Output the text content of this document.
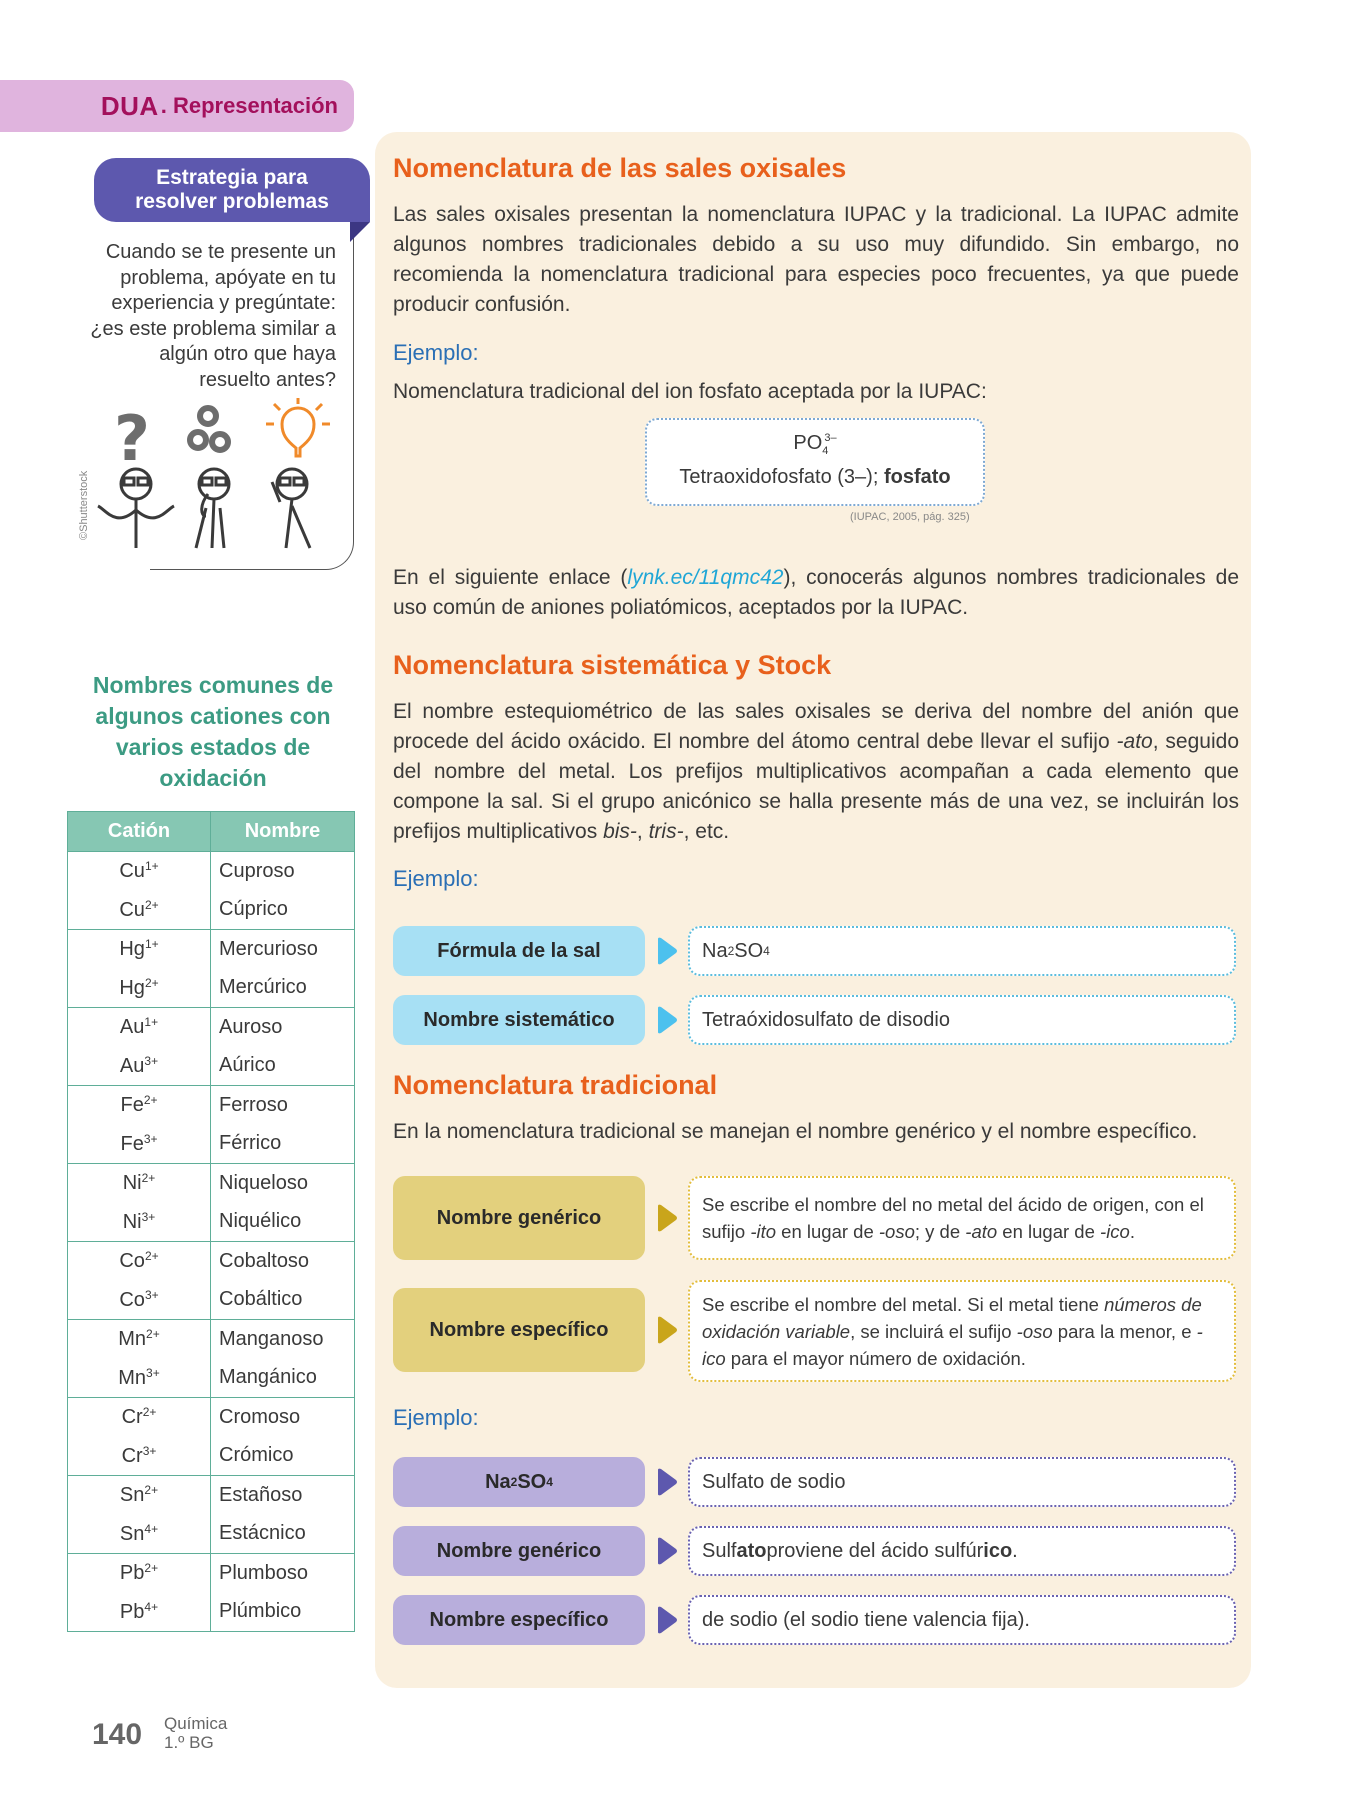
DUA . Representación
Estrategia para
resolver problemas

Cuando se te presente un problema, apóyate en tu experiencia y pregúntate: ¿es este problema similar a algún otro que haya resuelto antes?

©Shutterstock
?
Nombres comunes de algunos cationes con varios estados de oxidación
Catión	Nombre
$Cu^{1+}$	Cuproso
$Cu^{2+}$	Cúprico
$Hg^{1+}$	Mercurioso
$Hg^{2+}$	Mercúrico
$Au^{1+}$	Auroso
$Au^{3+}$	Aúrico
$Fe^{2+}$	Ferroso
$Fe^{3+}$	Férrico
$Ni^{2+}$	Niqueloso
$Ni^{3+}$	Niquélico
$Co^{2+}$	Cobaltoso
$Co^{3+}$	Cobáltico
$Mn^{2+}$	Manganoso
$Mn^{3+}$	Mangánico
$Cr^{2+}$	Cromoso
$Cr^{3+}$	Crómico
$Sn^{2+}$	Estañoso
$Sn^{4+}$	Estácnico
$Pb^{2+}$	Plumboso
$Pb^{4+}$	Plúmbico
Nomenclatura de las sales oxisales

Las sales oxisales presentan la nomenclatura IUPAC y la tradicional. La IUPAC admite algunos nombres tradicionales debido a su uso muy difundido. Sin embargo, no recomienda la nomenclatura tradicional para especies poco frecuentes, ya que puede producir confusión.

Ejemplo:

Nomenclatura tradicional del ion fosfato aceptada por la IUPAC:

$PO_4^{3-}$
Tetraoxidofosfato (3–); fosfato
(IUPAC, 2005, pág. 325)

En el siguiente enlace (lynk.ec/11qmc42), conocerás algunos nombres tradicionales de uso común de aniones poliatómicos, aceptados por la IUPAC.

Nomenclatura sistemática y Stock

El nombre estequiométrico de las sales oxisales se deriva del nombre del anión que procede del ácido oxácido. El nombre del átomo central debe llevar el sufijo -ato, seguido del nombre del metal. Los prefijos multiplicativos acompañan a cada elemento que compone la sal. Si el grupo anicónico se halla presente más de una vez, se incluirán los prefijos multiplicativos bis-, tris-, etc.

Ejemplo:
Fórmula de la sal	Na 2 SO 4
Nombre sistemático	Tetraóxidosulfato de disodio
Nomenclatura tradicional

En la nomenclatura tradicional se manejan el nombre genérico y el nombre específico.

Nombre genérico
Se escribe el nombre del no metal del ácido de origen, con el sufijo -ito en lugar de -oso; y de -ato en lugar de -ico.
Nombre específico
Se escribe el nombre del metal. Si el metal tiene números de oxidación variable, se incluirá el sufijo -oso para la menor, e -ico para el mayor número de oxidación.
Ejemplo:
Na 2 SO 4	Sulfato de sodio
Nombre genérico	Sulf ato proviene del ácido sulfúr ico .
Nombre específico	de sodio (el sodio tiene valencia fija).
140 Química
1.º BG
